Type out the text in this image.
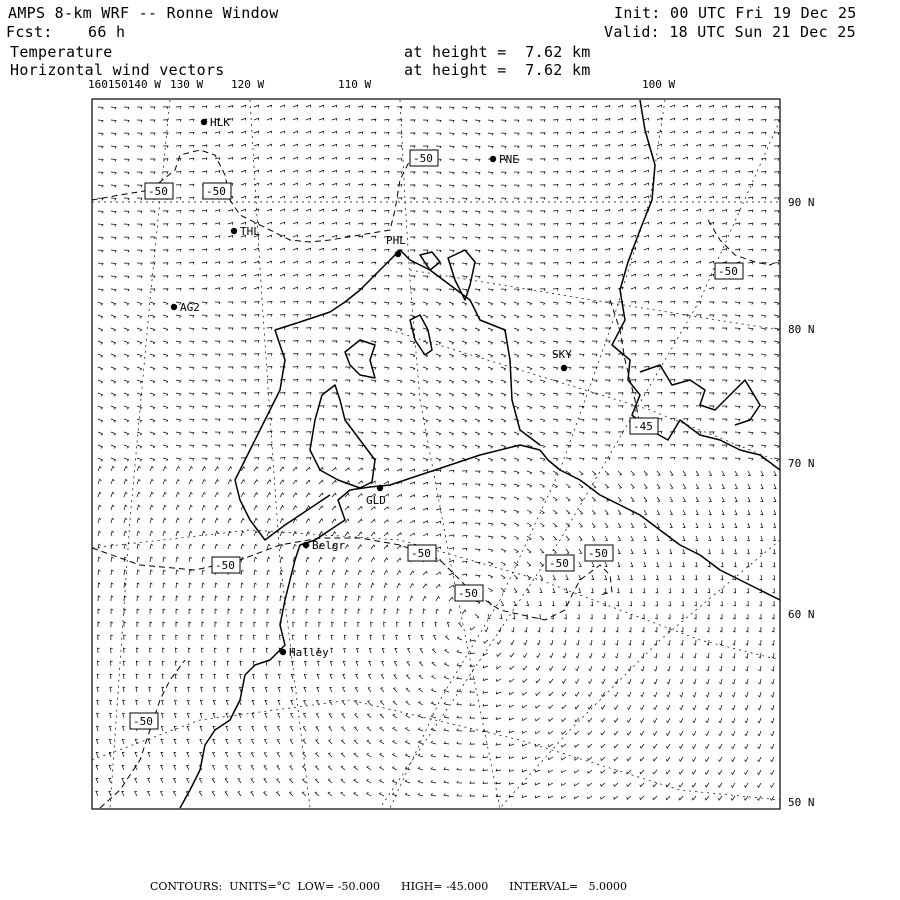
AMPS 8-km WRF -- Ronne Window	Init: 00 UTC Fri 19 Dec 25
Fcst: 66 h	Valid: 18 UTC Sun 21 Dec 25
Temperature	at height =  7.62 km
Horizontal wind vectors	at height =  7.62 km
160150140 W 130 W	120 W	110 W	100 W
90 N
80 N
70 N
60 N
50 N
-50
-50	-50
-50
-45
-50
-50
-50
-50
-50
-50
HLK
PNE
THL
PHL
AG2
SKY
GLD
Belgr
Halley
CONTOURS:  UNITS=°C  LOW= -50.000      HIGH= -45.000      INTERVAL=   5.0000
